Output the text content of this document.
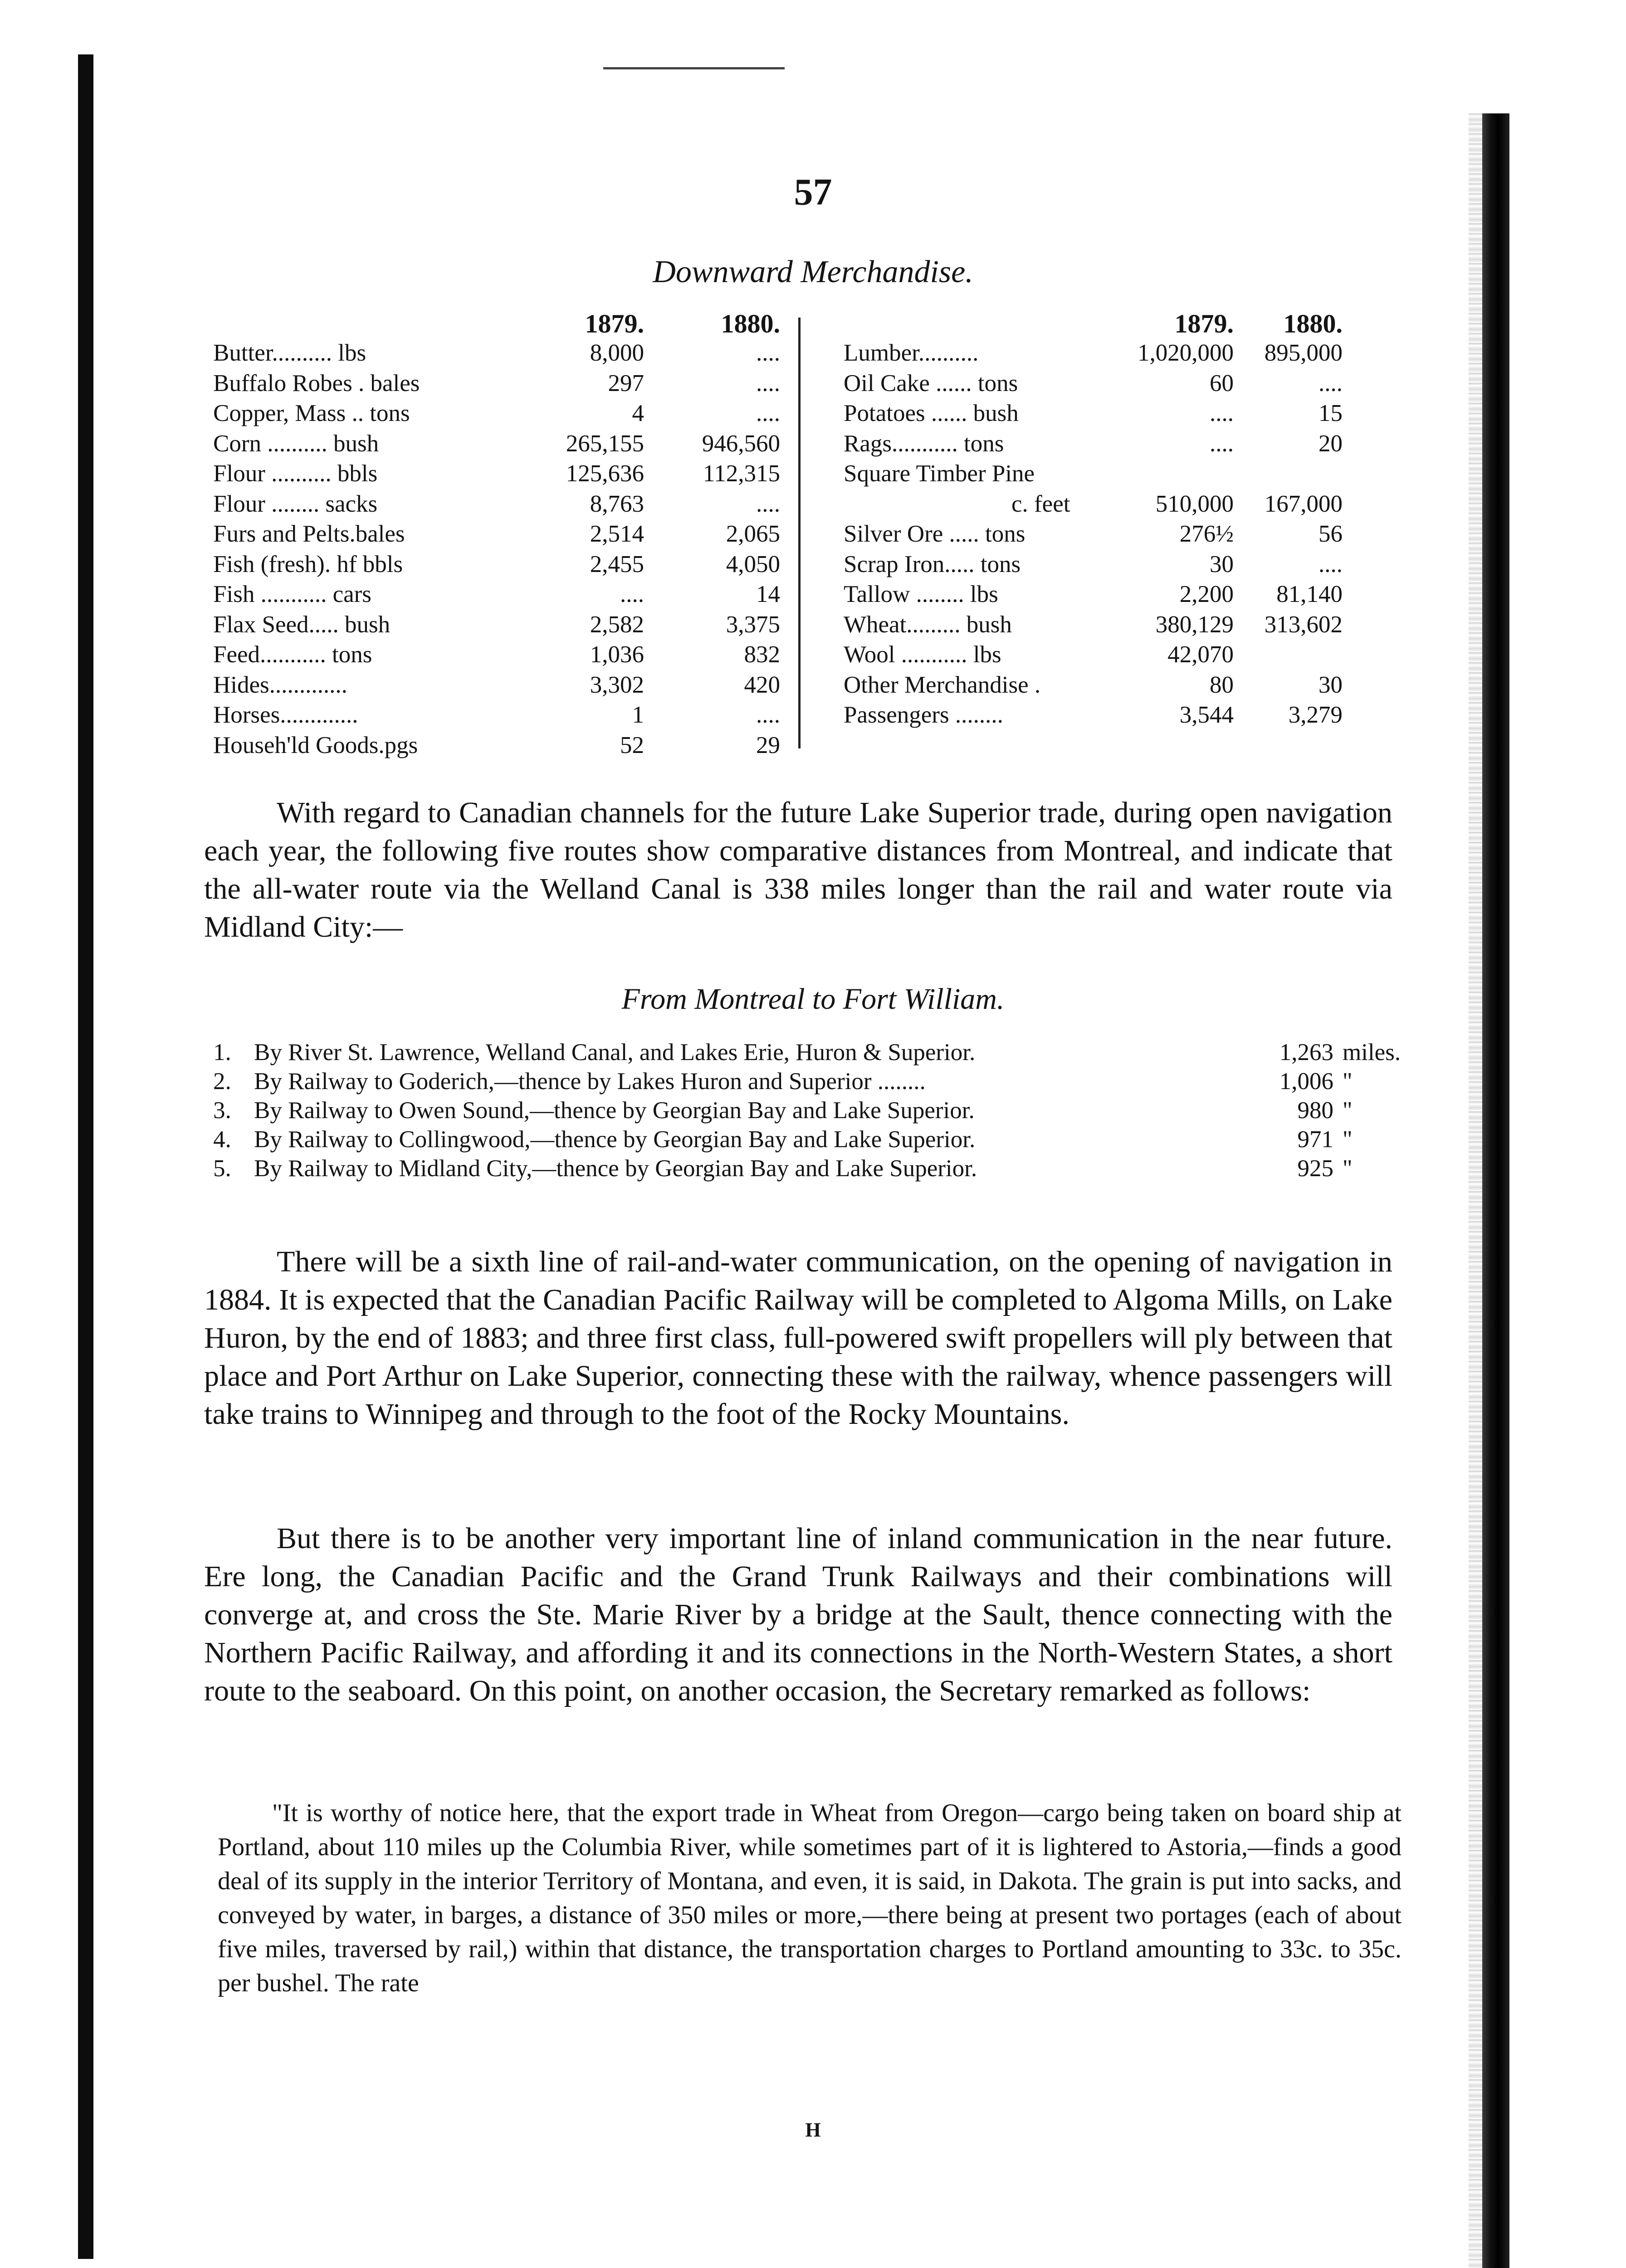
57
Downward Merchandise.
1879.	1880.
Butter.......... lbs	8,000	....
Buffalo Robes . bales	297	....
Copper, Mass .. tons	4	....
Corn .......... bush	265,155	946,560
Flour .......... bbls	125,636	112,315
Flour ........ sacks	8,763	....
Furs and Pelts.bales	2,514	2,065
Fish (fresh). hf bbls	2,455	4,050
Fish ........... cars	....	14
Flax Seed..... bush	2,582	3,375
Feed........... tons	1,036	832
Hides.............	3,302	420
Horses.............	1	....
Househ'ld Goods.pgs	52	29
1879.	1880.
Lumber..........	1,020,000	895,000
Oil Cake ...... tons	60	....
Potatoes ...... bush	....	15
Rags........... tons	....	20
Square Timber Pine
c. feet	510,000	167,000
Silver Ore ..... tons	276½	56
Scrap Iron..... tons	30	....
Tallow ........ lbs	2,200	81,140
Wheat......... bush	380,129	313,602
Wool ........... lbs	42,070
Other Merchandise .	80	30
Passengers ........	3,544	3,279
With regard to Canadian channels for the future Lake Superior trade, during open navigation each year, the following five routes show comparative distances from Montreal, and indicate that the all-water route via the Welland Canal is 338 miles longer than the rail and water route via Midland City:—
From Montreal to Fort William.
1. By River St. Lawrence, Welland Canal, and Lakes Erie, Huron & Superior.	1,263 miles.
2. By Railway to Goderich,—thence by Lakes Huron and Superior ........	1,006 "
3. By Railway to Owen Sound,—thence by Georgian Bay and Lake Superior.	980 "
4. By Railway to Collingwood,—thence by Georgian Bay and Lake Superior.	971 "
5. By Railway to Midland City,—thence by Georgian Bay and Lake Superior.	925 "
There will be a sixth line of rail-and-water communication, on the opening of navigation in 1884. It is expected that the Canadian Pacific Railway will be completed to Algoma Mills, on Lake Huron, by the end of 1883; and three first class, full-powered swift propellers will ply between that place and Port Arthur on Lake Superior, connecting these with the railway, whence passengers will take trains to Winnipeg and through to the foot of the Rocky Mountains.
But there is to be another very important line of inland communication in the near future. Ere long, the Canadian Pacific and the Grand Trunk Railways and their combinations will converge at, and cross the Ste. Marie River by a bridge at the Sault, thence connecting with the Northern Pacific Railway, and affording it and its connections in the North-Western States, a short route to the seaboard. On this point, on another occasion, the Secretary remarked as follows:
"It is worthy of notice here, that the export trade in Wheat from Oregon—cargo being taken on board ship at Portland, about 110 miles up the Columbia River, while sometimes part of it is lightered to Astoria,—finds a good deal of its supply in the interior Territory of Montana, and even, it is said, in Dakota. The grain is put into sacks, and conveyed by water, in barges, a distance of 350 miles or more,—there being at present two portages (each of about five miles, traversed by rail,) within that distance, the transportation charges to Portland amounting to 33c. to 35c. per bushel. The rate
H
